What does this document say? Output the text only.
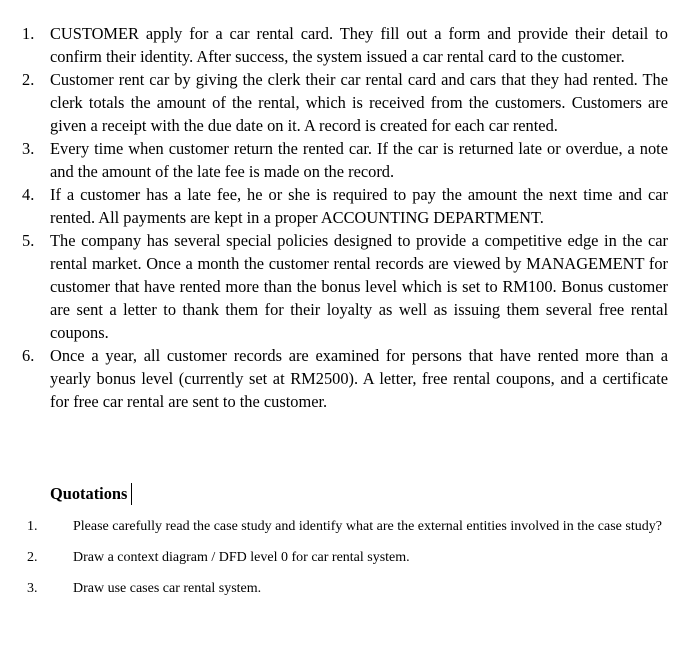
1. CUSTOMER apply for a car rental card. They fill out a form and provide their detail to confirm their identity. After success, the system issued a car rental card to the customer.
2. Customer rent car by giving the clerk their car rental card and cars that they had rented. The clerk totals the amount of the rental, which is received from the customers. Customers are given a receipt with the due date on it. A record is created for each car rented.
3. Every time when customer return the rented car. If the car is returned late or overdue, a note and the amount of the late fee is made on the record.
4. If a customer has a late fee, he or she is required to pay the amount the next time and car rented. All payments are kept in a proper ACCOUNTING DEPARTMENT.
5. The company has several special policies designed to provide a competitive edge in the car rental market. Once a month the customer rental records are viewed by MANAGEMENT for customer that have rented more than the bonus level which is set to RM100. Bonus customer are sent a letter to thank them for their loyalty as well as issuing them several free rental coupons.
6. Once a year, all customer records are examined for persons that have rented more than a yearly bonus level (currently set at RM2500). A letter, free rental coupons, and a certificate for free car rental are sent to the customer.
Quotations
1.	Please carefully read the case study and identify what are the external entities involved in the case study?
2.	Draw a context diagram / DFD level 0 for car rental system.
3.	Draw use cases car rental system.
